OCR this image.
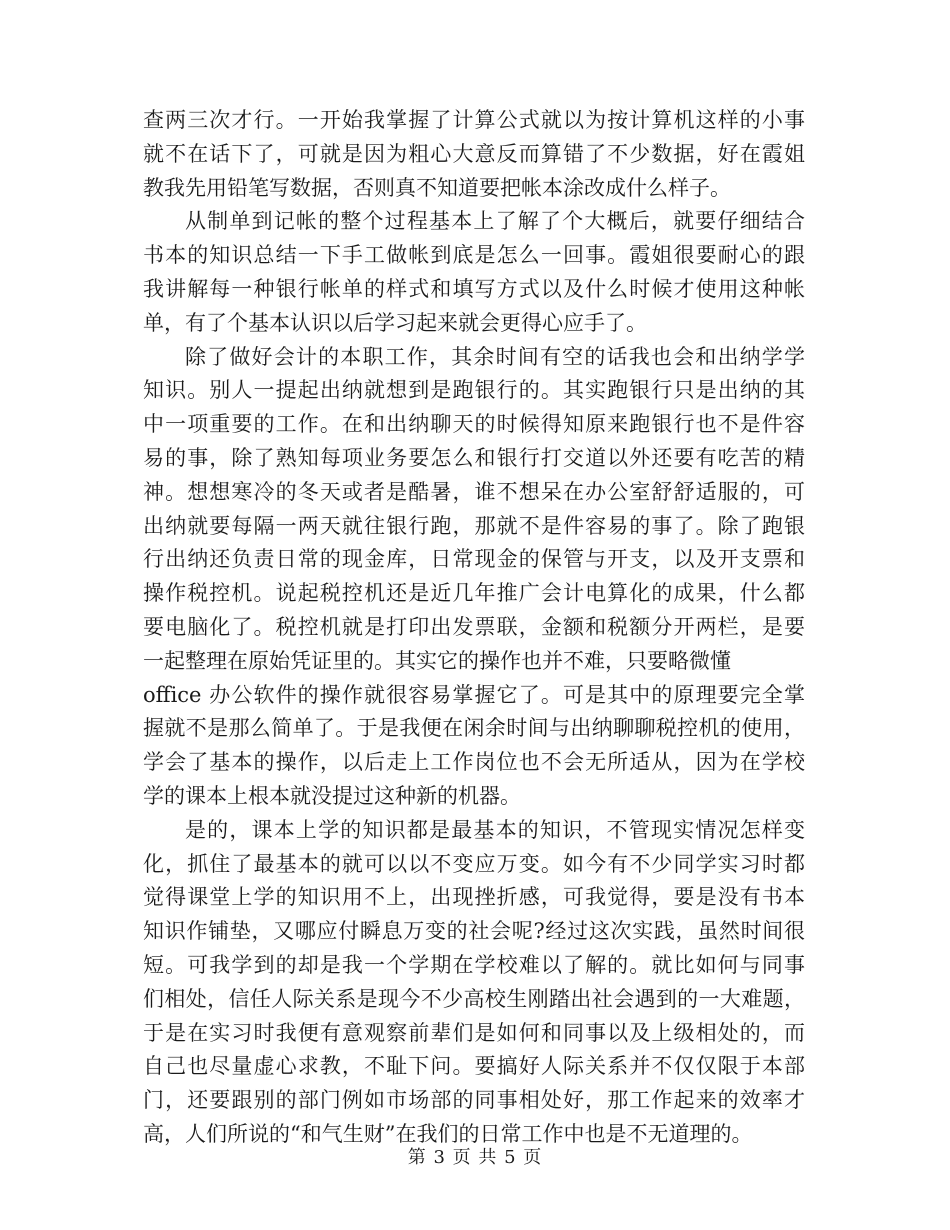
查两三次才行。一开始我掌握了计算公式就以为按计算机这样的小事
就不在话下了，可就是因为粗心大意反而算错了不少数据，好在霞姐
教我先用铅笔写数据，否则真不知道要把帐本涂改成什么样子。
从制单到记帐的整个过程基本上了解了个大概后，就要仔细结合
书本的知识总结一下手工做帐到底是怎么一回事。霞姐很要耐心的跟
我讲解每一种银行帐单的样式和填写方式以及什么时候才使用这种帐
单，有了个基本认识以后学习起来就会更得心应手了。
除了做好会计的本职工作，其余时间有空的话我也会和出纳学学
知识。别人一提起出纳就想到是跑银行的。其实跑银行只是出纳的其
中一项重要的工作。在和出纳聊天的时候得知原来跑银行也不是件容
易的事，除了熟知每项业务要怎么和银行打交道以外还要有吃苦的精
神。想想寒冷的冬天或者是酷暑，谁不想呆在办公室舒舒适服的，可
出纳就要每隔一两天就往银行跑，那就不是件容易的事了。除了跑银
行出纳还负责日常的现金库，日常现金的保管与开支，以及开支票和
操作税控机。说起税控机还是近几年推广会计电算化的成果，什么都
要电脑化了。税控机就是打印出发票联，金额和税额分开两栏，是要
一起整理在原始凭证里的。其实它的操作也并不难，只要略微懂
office 办公软件的操作就很容易掌握它了。可是其中的原理要完全掌
握就不是那么简单了。于是我便在闲余时间与出纳聊聊税控机的使用，
学会了基本的操作，以后走上工作岗位也不会无所适从，因为在学校
学的课本上根本就没提过这种新的机器。
是的，课本上学的知识都是最基本的知识，不管现实情况怎样变
化，抓住了最基本的就可以以不变应万变。如今有不少同学实习时都
觉得课堂上学的知识用不上，出现挫折感，可我觉得，要是没有书本
知识作铺垫，又哪应付瞬息万变的社会呢?经过这次实践，虽然时间很
短。可我学到的却是我一个学期在学校难以了解的。就比如何与同事
们相处，信任人际关系是现今不少高校生刚踏出社会遇到的一大难题，
于是在实习时我便有意观察前辈们是如何和同事以及上级相处的，而
自己也尽量虚心求教，不耻下问。要搞好人际关系并不仅仅限于本部
门，还要跟别的部门例如市场部的同事相处好，那工作起来的效率才
高，人们所说的“和气生财”在我们的日常工作中也是不无道理的。
第 3 页 共 5 页
